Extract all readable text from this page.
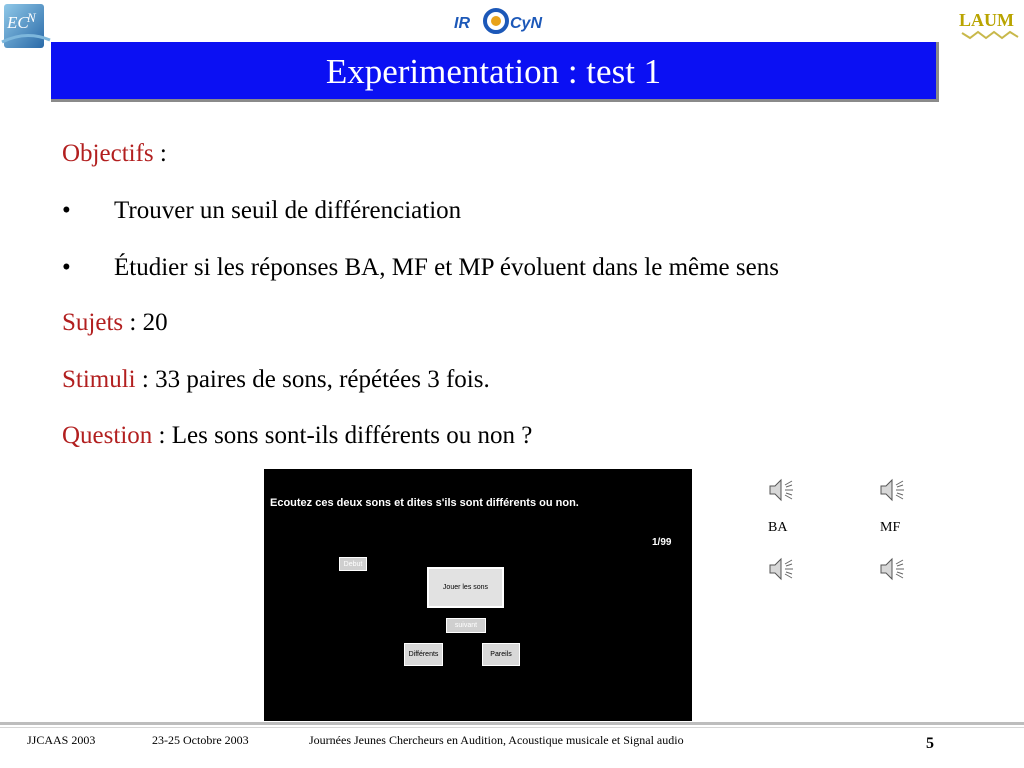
EC
N	IR	CyN	LAUM
Experimentation : test 1
Objectifs :
• Trouver un seuil de différenciation
• Étudier si les réponses BA, MF et MP évoluent dans le même sens
Sujets : 20
Stimuli : 33 paires de sons, répétées 3 fois.
Question : Les sons sont-ils différents ou non ?
Ecoutez ces deux sons et dites s'ils sont différents ou non.
1/99
Debut
Jouer les sons
suivant
Différents	Pareils
BA	MF
JJCAAS 2003	23-25 Octobre 2003	Journées Jeunes Chercheurs en Audition, Acoustique musicale et Signal audio	5
